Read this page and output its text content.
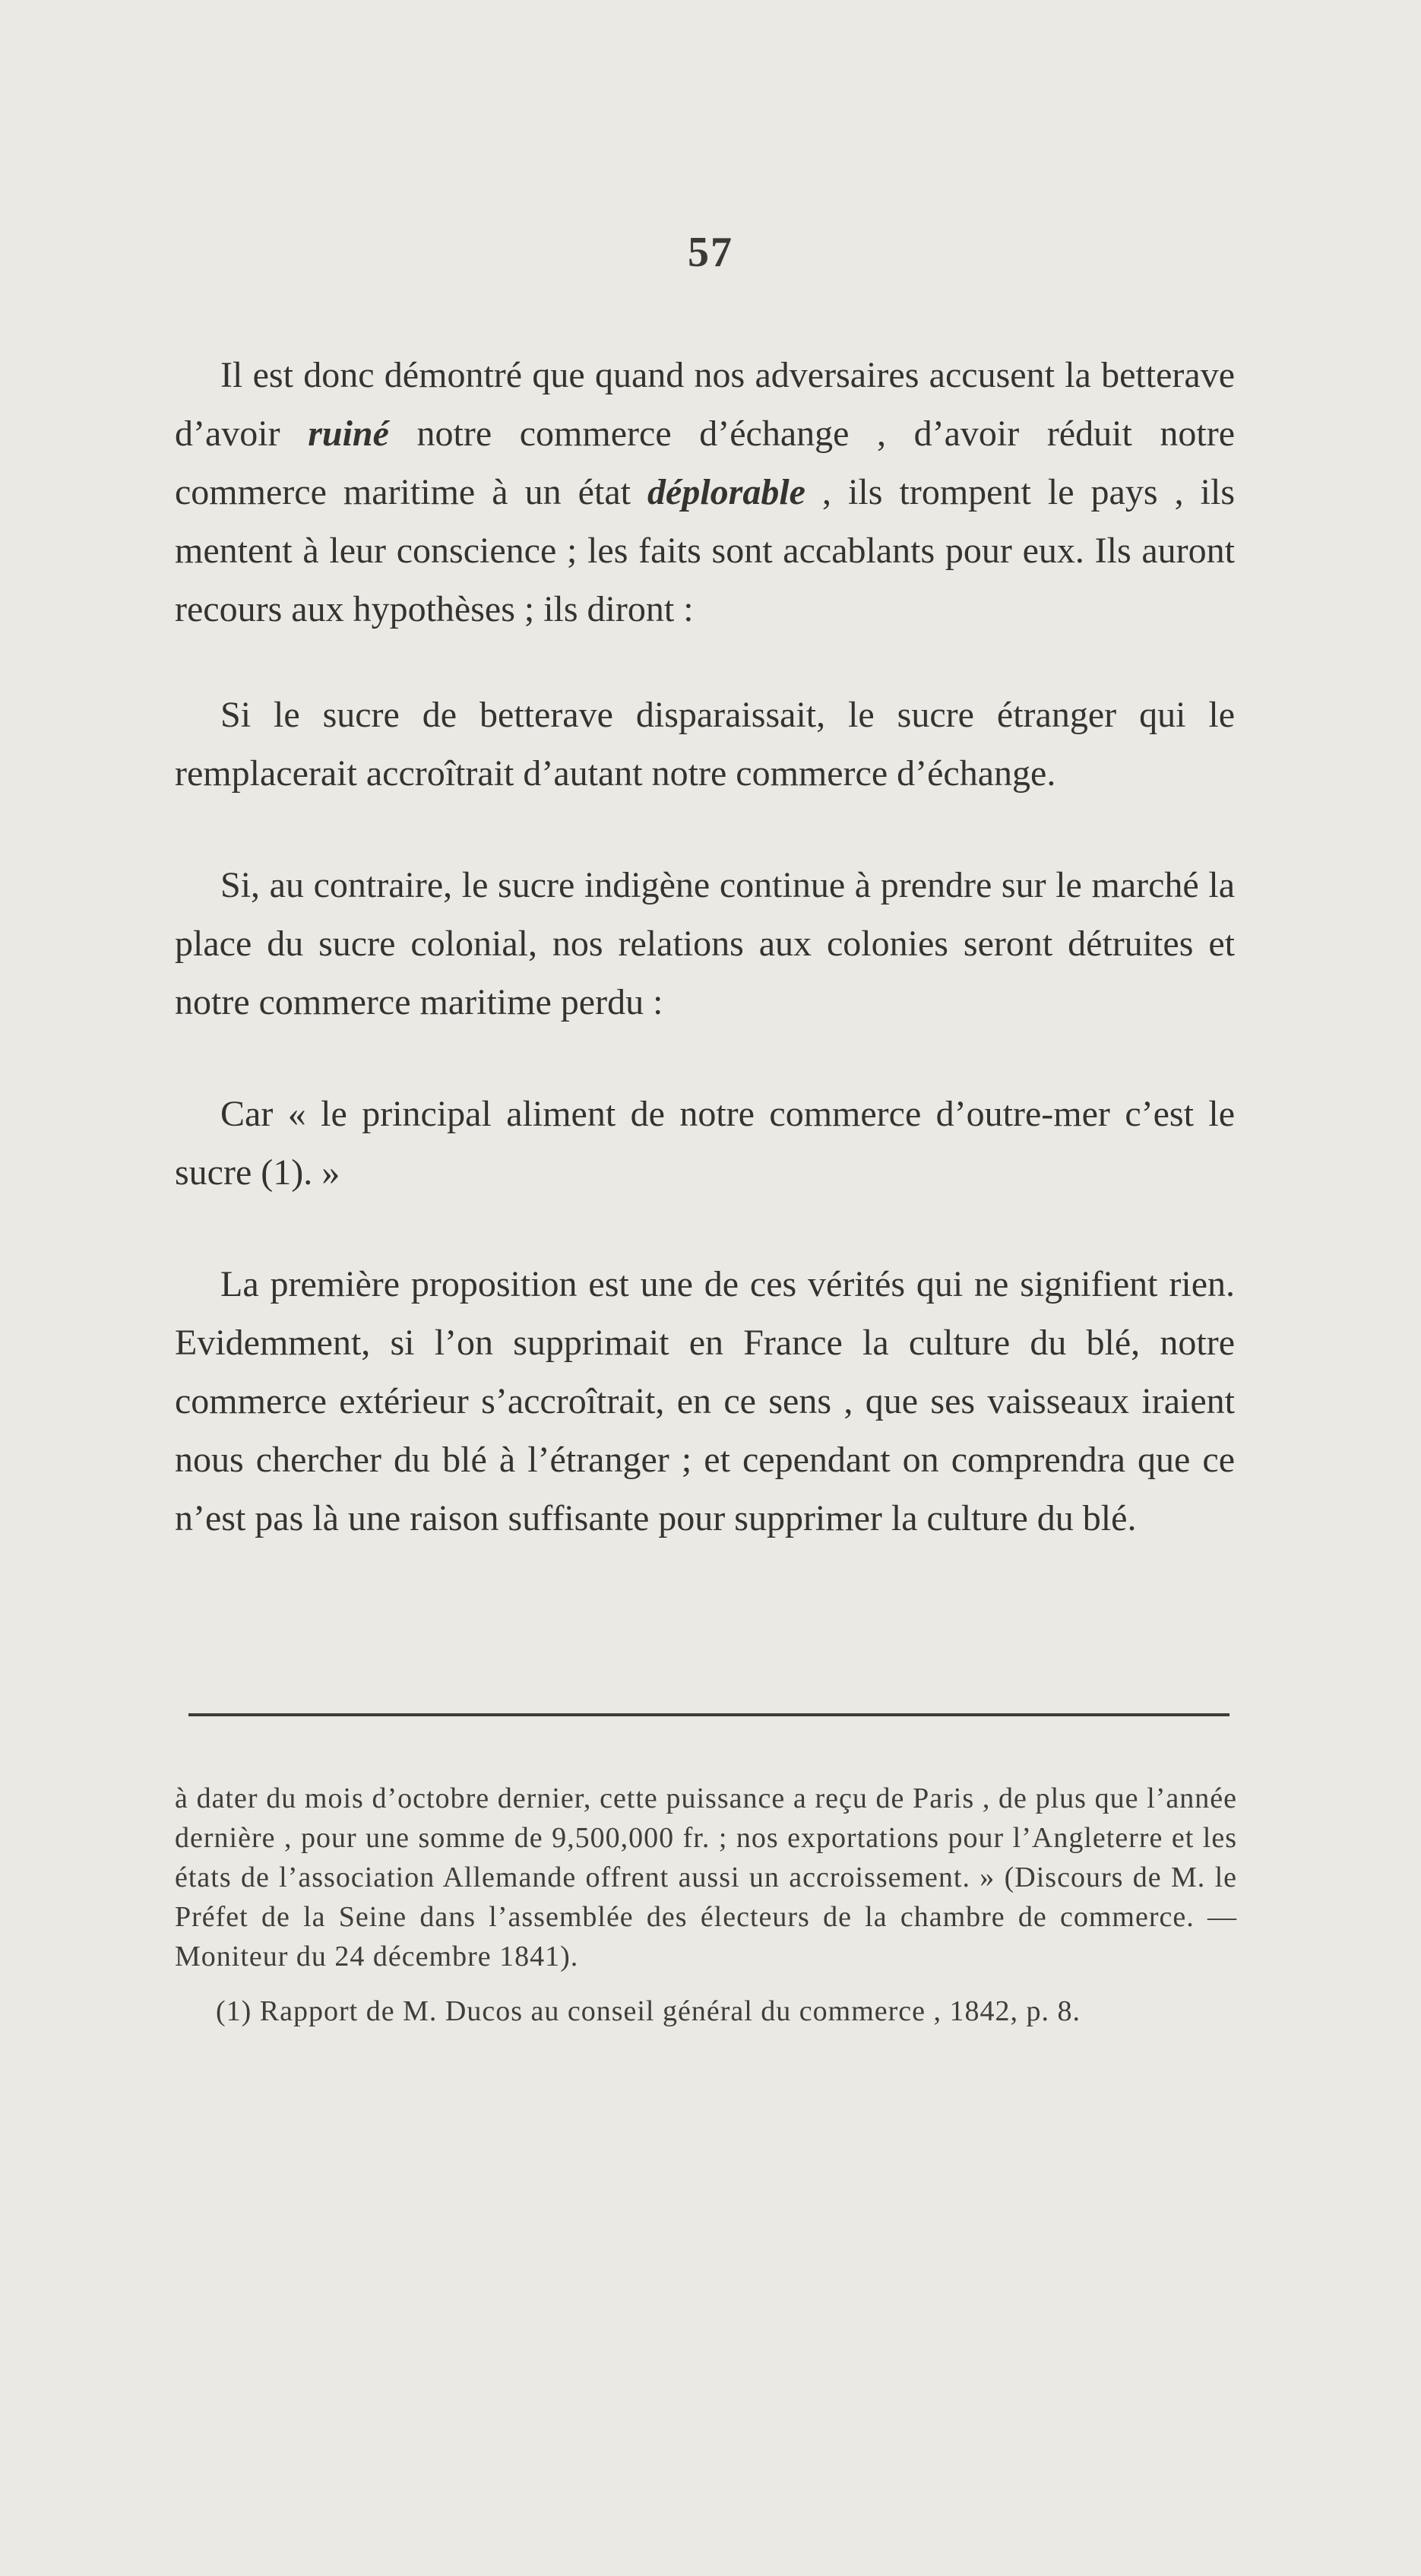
57

Il est donc démontré que quand nos adversaires accusent la betterave d’avoir ruiné notre commerce d’échange , d’avoir réduit notre commerce maritime à un état déplorable , ils trompent le pays , ils mentent à leur conscience ; les faits sont accablants pour eux. Ils auront recours aux hypothèses ; ils diront :

Si le sucre de betterave disparaissait, le sucre étranger qui le remplacerait accroîtrait d’autant notre commerce d’échange.

Si, au contraire, le sucre indigène continue à prendre sur le marché la place du sucre colonial, nos relations aux colonies seront détruites et notre commerce maritime perdu :

Car « le principal aliment de notre commerce d’outre-mer c’est le sucre (1). »

La première proposition est une de ces vérités qui ne signifient rien. Evidemment, si l’on supprimait en France la culture du blé, notre commerce extérieur s’accroîtrait, en ce sens , que ses vaisseaux iraient nous chercher du blé à l’étranger ; et cependant on comprendra que ce n’est pas là une raison suffisante pour supprimer la culture du blé.

à dater du mois d’octobre dernier, cette puissance a reçu de Paris , de plus que l’année dernière , pour une somme de 9,500,000 fr. ; nos exportations pour l’Angleterre et les états de l’association Allemande offrent aussi un accroissement. » (Discours de M. le Préfet de la Seine dans l’assemblée des électeurs de la chambre de commerce. — Moniteur du 24 décembre 1841).

(1) Rapport de M. Ducos au conseil général du commerce , 1842, p. 8.
